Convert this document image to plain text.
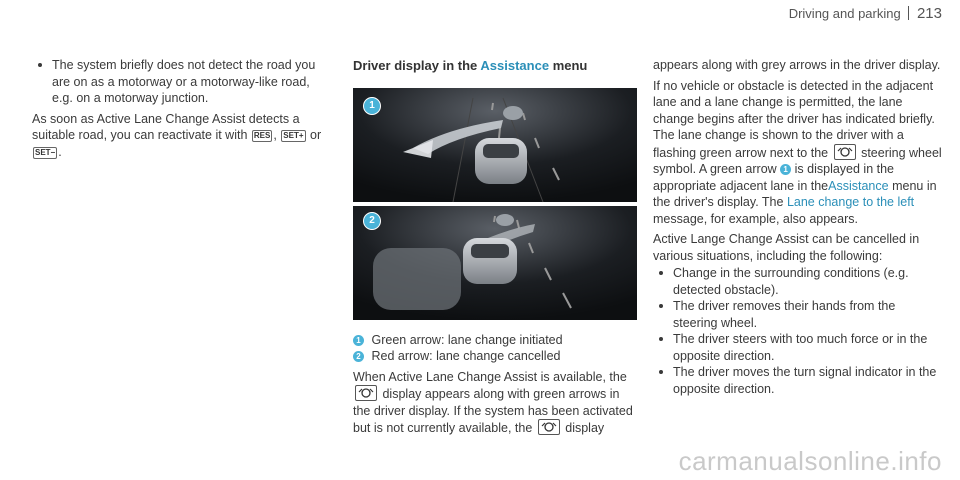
Driving and parking 213
The system briefly does not detect the road you are on as a motorway or a motorway-like road, e.g. on a motorway junction.

As soon as Active Lane Change Assist detects a suitable road, you can reactivate it with RES , SET+ or SET− .

Driver display in the Assistance menu
1
2

1 Green arrow: lane change initiated

2 Red arrow: lane change cancelled

When Active Lane Change Assist is available, the
display appears along with green arrows in the driver display. If the system has been activated but is not currently available, the	display

appears along with grey arrows in the driver display.

If no vehicle or obstacle is detected in the adjacent lane and a lane change is permitted, the lane change begins after the driver has indicated briefly. The lane change is shown to the driver with a flashing green arrow next to the	steering wheel symbol. A green arrow 1 is displayed in the appropriate adjacent lane in theAssistance menu in the driver's display. The Lane change to the left message, for example, also appears.

Active Lange Change Assist can be cancelled in various situations, including the following:

Change in the surrounding conditions (e.g. detected obstacle).
The driver removes their hands from the steering wheel.
The driver steers with too much force or in the opposite direction.
The driver moves the turn signal indicator in the opposite direction.
carmanualsonline.info
